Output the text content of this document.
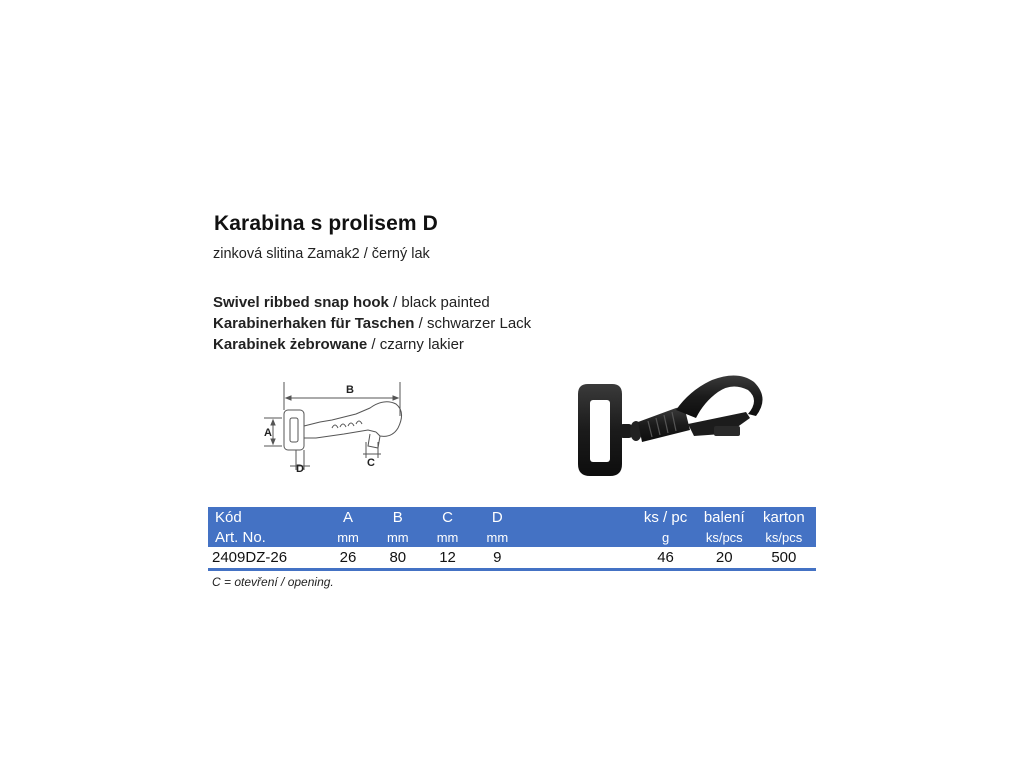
Karabina s prolisem D
zinková slitina Zamak2 / černý lak
Swivel ribbed snap hook / black painted
Karabinerhaken für Taschen / schwarzer Lack
Karabinek żebrowane / czarny lakier
B
A
D	C
Kód	A	B	C	D		ks / pc	balení	karton
Art. No.	mm	mm	mm	mm		g	ks/pcs	ks/pcs
2409DZ-26	26	80	12	9		46	20	500
C = otevření / opening.
